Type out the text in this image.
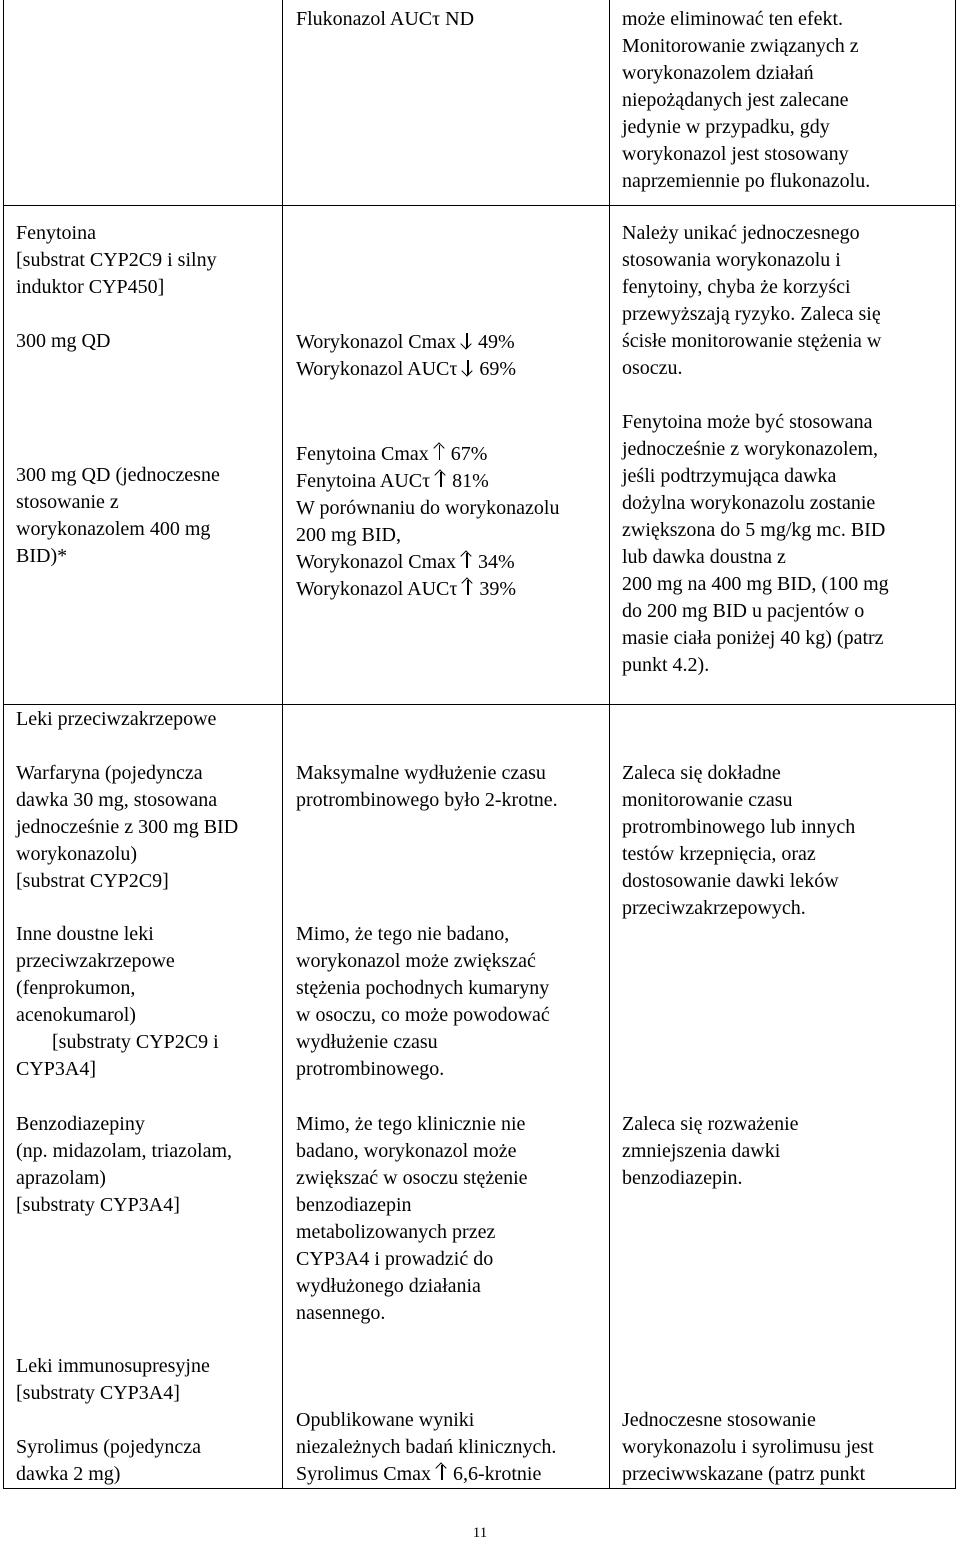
Flukonazol AUCτ ND	może eliminować ten efekt.
Monitorowanie związanych z
worykonazolem działań
niepożądanych jest zalecane
jedynie w przypadku, gdy
worykonazol jest stosowany
naprzemiennie po flukonazolu.

Fenytoina
[substrat CYP2C9 i silny
induktor CYP450]

300 mg QD

300 mg QD (jednoczesne
stosowanie z
worykonazolem 400 mg
BID)*

Worykonazol Cmax 49%
Worykonazol AUCτ 69%
Fenytoina Cmax 67%
Fenytoina AUCτ 81%
W porównaniu do worykonazolu
200 mg BID,
Worykonazol Cmax 34%
Worykonazol AUCτ 39%

Należy unikać jednoczesnego
stosowania worykonazolu i
fenytoiny, chyba że korzyści
przewyższają ryzyko. Zaleca się
ścisłe monitorowanie stężenia w
osoczu.

Fenytoina może być stosowana
jednocześnie z worykonazolem,
jeśli podtrzymująca dawka
dożylna worykonazolu zostanie
zwiększona do 5 mg/kg mc. BID
lub dawka doustna z
200 mg na 400 mg BID, (100 mg
do 200 mg BID u pacjentów o
masie ciała poniżej 40 kg) (patrz
punkt 4.2).

Leki przeciwzakrzepowe

Warfaryna (pojedyncza
dawka 30 mg, stosowana
jednocześnie z 300 mg BID
worykonazolu)
[substrat CYP2C9]

Inne doustne leki
przeciwzakrzepowe
(fenprokumon,
acenokumarol)

[substraty CYP2C9 i

CYP3A4]

Maksymalne wydłużenie czasu
protrombinowego było 2-krotne.

Mimo, że tego nie badano,
worykonazol może zwiększać
stężenia pochodnych kumaryny
w osoczu, co może powodować
wydłużenie czasu
protrombinowego.

Zaleca się dokładne
monitorowanie czasu
protrombinowego lub innych
testów krzepnięcia, oraz
dostosowanie dawki leków
przeciwzakrzepowych.

Benzodiazepiny
(np. midazolam, triazolam,
aprazolam)
[substraty CYP3A4]

Mimo, że tego klinicznie nie
badano, worykonazol może
zwiększać w osoczu stężenie
benzodiazepin
metabolizowanych przez
CYP3A4 i prowadzić do
wydłużonego działania
nasennego.

Zaleca się rozważenie
zmniejszenia dawki
benzodiazepin.

Leki immunosupresyjne
[substraty CYP3A4]

Syrolimus (pojedyncza
dawka 2 mg)

Opublikowane wyniki
niezależnych badań klinicznych.

Syrolimus Cmax 6,6-krotnie

Jednoczesne stosowanie
worykonazolu i syrolimusu jest
przeciwwskazane (patrz punkt

11
